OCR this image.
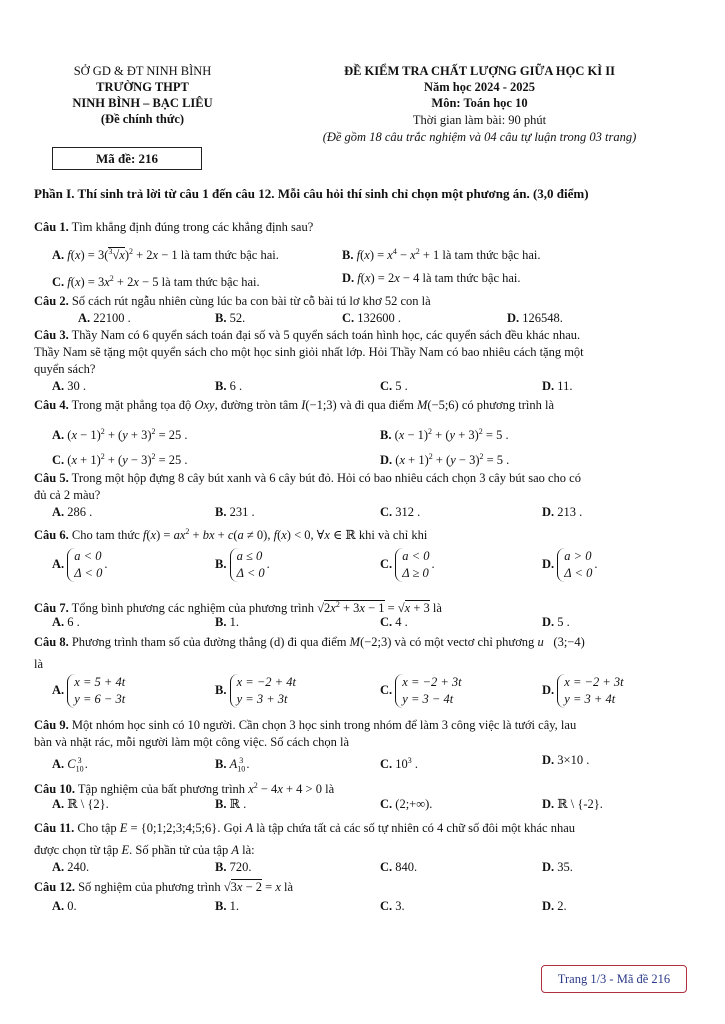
SỞ GD & ĐT NINH BÌNH
TRƯỜNG THPT
NINH BÌNH – BẠC LIÊU
(Đề chính thức)
Mã đề: 216
ĐỀ KIỂM TRA CHẤT LƯỢNG GIỮA HỌC KÌ II
Năm học 2024 - 2025
Môn: Toán học 10
Thời gian làm bài: 90 phút
(Đề gồm 18 câu trắc nghiệm và 04 câu tự luận trong 03 trang)
Phần I. Thí sinh trả lời từ câu 1 đến câu 12. Mỗi câu hỏi thí sinh chỉ chọn một phương án. (3,0 điểm)
Câu 1. Tìm khẳng định đúng trong các khẳng định sau?
A. $f(x) = 3(^3√x)^2 + 2x - 1$ là tam thức bậc hai.	B. $f(x) = x^4 - x^2 + 1$ là tam thức bậc hai.
C. $f(x) = 3x^2 + 2x - 5$ là tam thức bậc hai.	D. f(x) = 2x − 4 là tam thức bậc hai.
Câu 2. Số cách rút ngẫu nhiên cùng lúc ba con bài từ cỗ bài tú lơ khơ 52 con là
A. 22100 .	B. 52.	C. 132600 .	D. 126548.
Câu 3. Thầy Nam có 6 quyển sách toán đại số và 5 quyển sách toán hình học, các quyển sách đều khác nhau.
Thầy Nam sẽ tặng một quyển sách cho một học sinh giỏi nhất lớp. Hỏi Thầy Nam có bao nhiêu cách tặng một
quyển sách?
A. 30 .	B. 6 .	C. 5 .	D. 11.
Câu 4. Trong mặt phẳng tọa độ Oxy, đường tròn tâm I(−1;3) và đi qua điểm M(−5;6) có phương trình là
A. $(x - 1)^2 + (y + 3)^2 = 25$ .	B. $(x - 1)^2 + (y + 3)^2 = 5$ .
C. $(x + 1)^2 + (y - 3)^2 = 25$ .	D. $(x + 1)^2 + (y - 3)^2 = 5$ .
Câu 5. Trong một hộp đựng 8 cây bút xanh và 6 cây bút đỏ. Hỏi có bao nhiêu cách chọn 3 cây bút sao cho có
đủ cả 2 màu?
A. 286 .	B. 231 .	C. 312 .	D. 213 .
Câu 6. Cho tam thức $f(x) = ax^2$ + bx + c(a ≠ 0), f(x) < 0, ∀x ∈ ℝ khi và chỉ khi
A. a < 0
Δ < 0.	B. a ≤ 0
Δ < 0.	C. a < 0
Δ ≥ 0.	D. a > 0
Δ < 0.
Câu 7. Tổng bình phương các nghiệm của phương trình $√2x^2 + 3x - 1 = √x + 3$ là
A. 6 .	B. 1.	C. 4 .	D. 5 .
Câu 8. Phương trình tham số của đường thẳng (d) đi qua điểm M(−2;3) và có một vectơ chỉ phương u⃗(3;−4)
là
A. x = 5 + 4t
y = 6 − 3t
B. x = −2 + 4t
y = 3 + 3t
C. x = −2 + 3t
y = 3 − 4t
D. x = −2 + 3t
y = 3 + 4t
Câu 9. Một nhóm học sinh có 10 người. Cần chọn 3 học sinh trong nhóm để làm 3 công việc là tưới cây, lau
bàn và nhặt rác, mỗi người làm một công việc. Số cách chọn là
A. $C_{10}^3$ .	B. $A_{10}^3$ .	C. $10^3$ .	D. 3×10 .
Câu 10. Tập nghiệm của bất phương trình $x^2 - 4x + 4 > 0$ là
A. ℝ \ {2}.	B. ℝ .	C. (2;+∞).	D. ℝ \ {-2}.
Câu 11. Cho tập E = {0;1;2;3;4;5;6}. Gọi A là tập chứa tất cả các số tự nhiên có 4 chữ số đôi một khác nhau
được chọn từ tập E. Số phần tử của tập A là:
A. 240.	B. 720.	C. 840.	D. 35.
Câu 12. Số nghiệm của phương trình √3x − 2 = x là
A. 0.	B. 1.	C. 3.	D. 2.
Trang 1/3 - Mã đề 216
